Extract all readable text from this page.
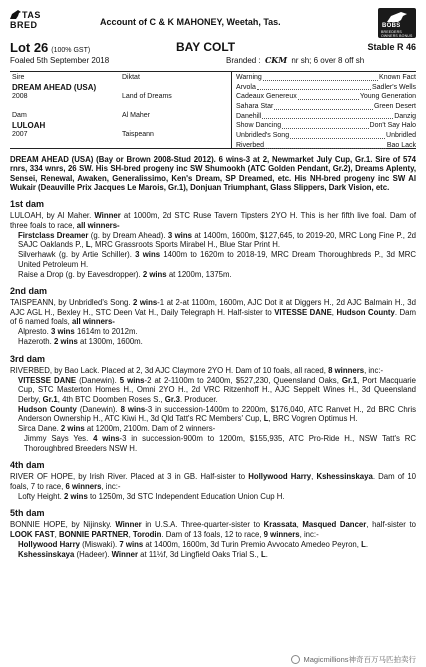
TAS
BRED	Account of C & K MAHONEY, Weetah, Tas.	BOBS
BREEDERS OWNERS BONUS SCHEME
Lot 26 (100% GST)	BAY COLT	Stable R 46
Foaled 5th September 2018	Branded : CKM nr sh; 6 over 8 off sh
Sire	Diktat
DREAM AHEAD (USA)
2008	Land of Dreams
Dam	Al Maher
LULOAH
2007	Taispeann
Warning	Known Fact
Arvola	Sadler's Wells
Cadeaux Genereux	Young Generation
Sahara Star	Green Desert
Danehill	Danzig
Show Dancing	Don't Say Halo
Unbridled's Song	Unbridled
Riverbed	Bao Lack
DREAM AHEAD (USA) (Bay or Brown 2008-Stud 2012). 6 wins-3 at 2, Newmarket July Cup, Gr.1. Sire of 574 rnrs, 334 wnrs, 26 SW. His SH-bred progeny inc SW Shumookh (ATC Golden Pendant, Gr.2), Dreams Aplenty, Sensei, Renewal, Awaken, Generalissimo, Ken's Dream, SP Dreamed, etc. His NH-bred progeny inc SW Al Wukair (Deauville Prix Jacques Le Marois, Gr.1), Donjuan Triumphant, Glass Slippers, Dark Vision, etc.
1st dam
LULOAH, by Al Maher. Winner at 1000m, 2d STC Ruse Tavern Tipsters 2YO H. This is her fifth live foal. Dam of three foals to race, all winners-
Firstclass Dreamer (g. by Dream Ahead). 3 wins at 1400m, 1600m, $127,645, to 2019-20, MRC Long Fine P., 2d SAJC Oaklands P., L, MRC Grassroots Sports Mirabel H., Blue Star Print H.
Silverhawk (g. by Artie Schiller). 3 wins 1400m to 1620m to 2018-19, MRC Dream Thoroughbreds P., 3d MRC United Petroleum H.
Raise a Drop (g. by Eavesdropper). 2 wins at 1200m, 1375m.
2nd dam
TAISPEANN, by Unbridled's Song. 2 wins-1 at 2-at 1100m, 1600m, AJC Dot it at Diggers H., 2d AJC Balmain H., 3d AJC AGL H., Bexley H., STC Deen Vat H., Daily Telegraph H. Half-sister to VITESSE DANE, Hudson County. Dam of 6 named foals, all winners-
Alpresto. 3 wins 1614m to 2012m.
Hazeroth. 2 wins at 1300m, 1600m.
3rd dam
RIVERBED, by Bao Lack. Placed at 2, 3d AJC Claymore 2YO H. Dam of 10 foals, all raced, 8 winners, inc:-
VITESSE DANE (Danewin). 5 wins-2 at 2-1100m to 2400m, $527,230, Queensland Oaks, Gr.1, Port Macquarie Cup, STC Masterton Homes H., Omni 2YO H., 2d VRC Ritzenhoff H., AJC Seppelt Wines H., 3d Queensland Derby, Gr.1, 4th BTC Doomben Roses S., Gr.3. Producer.
Hudson County (Danewin). 8 wins-3 in succession-1400m to 2200m, $176,040, ATC Ranvet H., 2d BRC Chris Anderson Ownership H., ATC Kiwi H., 3d Qld Tatt's RC Members' Cup, L, BRC Vogren Optimus H.
Sirca Dane. 2 wins at 1200m, 2100m. Dam of 2 winners-
Jimmy Says Yes. 4 wins-3 in succession-900m to 1200m, $155,935, ATC Pro-Ride H., NSW Tatt's RC Thoroughbred Breeders NSW H.
4th dam
RIVER OF HOPE, by Irish River. Placed at 3 in GB. Half-sister to Hollywood Harry, Kshessinskaya. Dam of 10 foals, 7 to race, 6 winners, inc:-
Lofty Height. 2 wins to 1250m, 3d STC Independent Education Union Cup H.
5th dam
BONNIE HOPE, by Nijinsky. Winner in U.S.A. Three-quarter-sister to Krassata, Masqued Dancer, half-sister to LOOK FAST, BONNIE PARTNER, Torodin. Dam of 13 foals, 12 to race, 9 winners, inc:-
Hollywood Harry (Miswaki). 7 wins at 1400m, 1600m, 3d Turin Premio Avvocato Amedeo Peyron, L.
Kshessinskaya (Hadeer). Winner at 11½f, 3d Lingfield Oaks Trial S., L.
Magicmillions神奇百万马匹拍卖行
